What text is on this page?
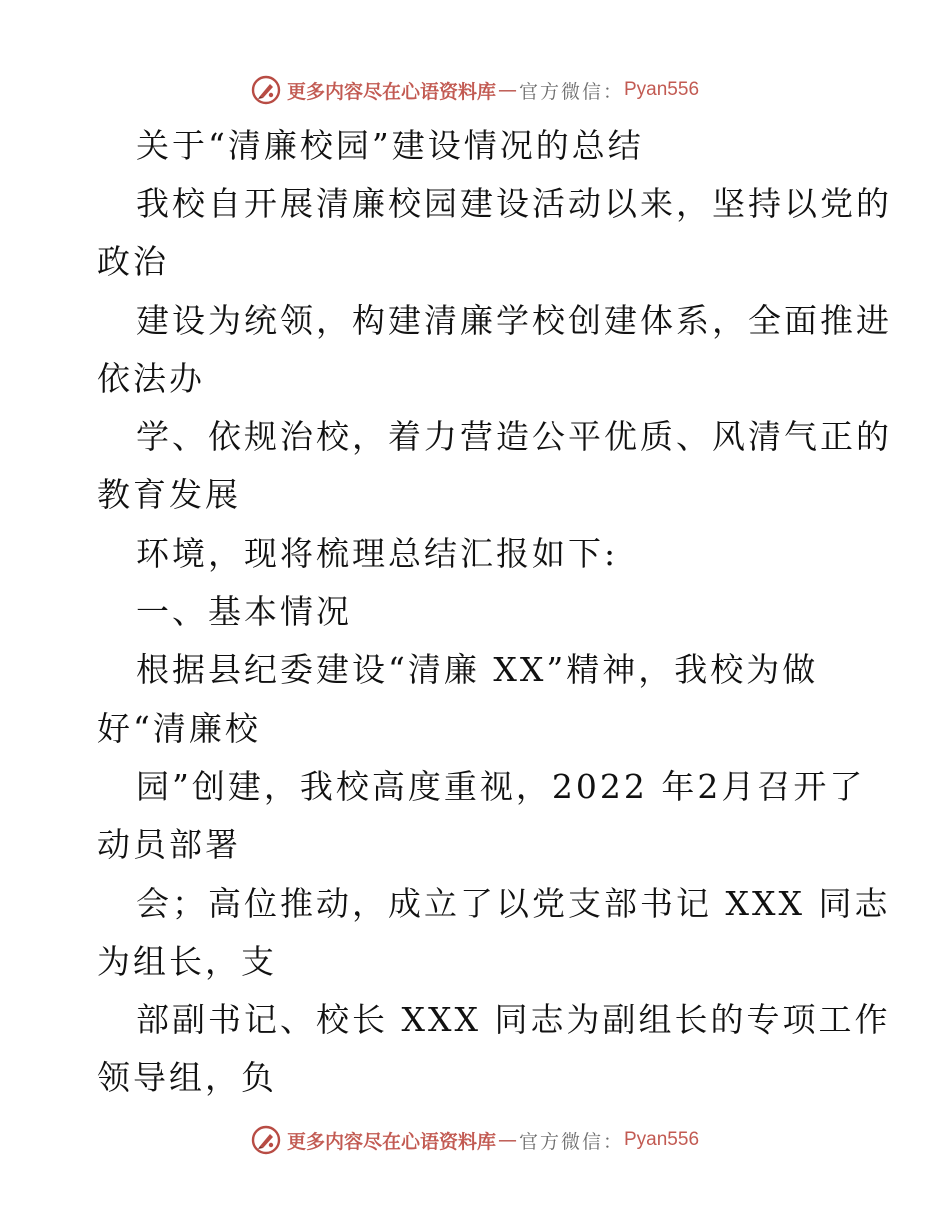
更多内容尽在心语资料库 — 官方微信： Pyan556
关于“清廉校园”建设情况的总结
我校自开展清廉校园建设活动以来，坚持以党的
政治
建设为统领，构建清廉学校创建体系，全面推进
依法办
学、依规治校，着力营造公平优质、风清气正的
教育发展
环境，现将梳理总结汇报如下:
一、基本情况
根据县纪委建设“清廉 XX”精神，我校为做
好“清廉校
园”创建，我校高度重视，2022 年2月召开了
动员部署
会；高位推动，成立了以党支部书记 XXX 同志
为组长，支
部副书记、校长 XXX 同志为副组长的专项工作
领导组，负
更多内容尽在心语资料库 — 官方微信： Pyan556
